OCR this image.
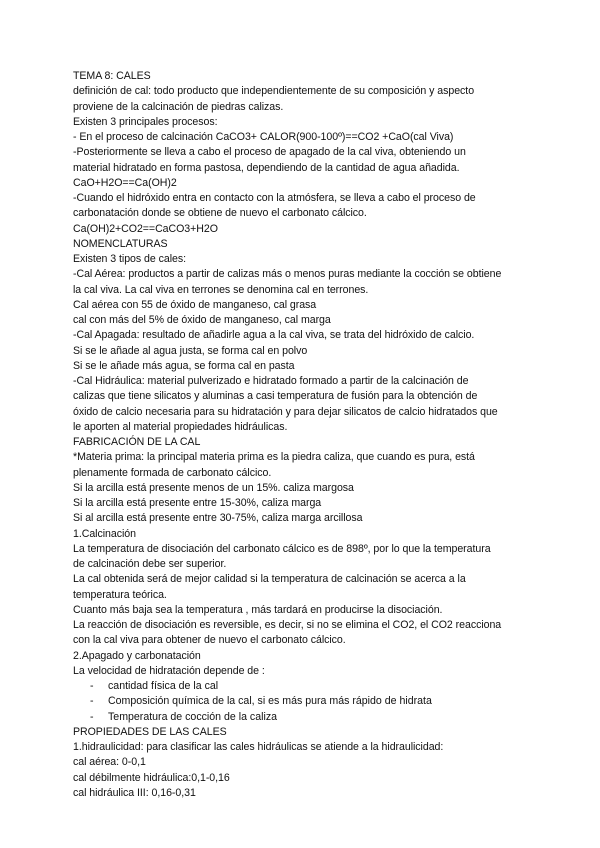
TEMA 8: CALES
definición de cal: todo producto que independientemente de su composición y aspecto
proviene de la calcinación de piedras calizas.
Existen 3 principales procesos:
- En el proceso de calcinación CaCO3+ CALOR(900-100º)==CO2 +CaO(cal Viva)
-Posteriormente se lleva a cabo el proceso de apagado de la cal viva, obteniendo un
material hidratado en forma pastosa, dependiendo de la cantidad de agua añadida.
CaO+H2O==Ca(OH)2
-Cuando el hidróxido entra en contacto con la atmósfera, se lleva a cabo el proceso de
carbonatación donde se obtiene de nuevo el carbonato cálcico.
Ca(OH)2+CO2==CaCO3+H2O
NOMENCLATURAS
Existen 3 tipos de cales:
-Cal Aérea: productos a partir de calizas más o menos puras mediante la cocción se obtiene
la cal viva. La cal viva en terrones se denomina cal en terrones.
Cal aérea con 55 de óxido de manganeso, cal grasa
cal con más del 5% de óxido de manganeso, cal marga
-Cal Apagada: resultado de añadirle agua a la cal viva, se trata del hidróxido de calcio.
Si se le añade al agua justa, se forma cal en polvo
Si se le añade más agua, se forma cal en pasta
-Cal Hidráulica: material pulverizado e hidratado formado a partir de la calcinación de
calizas que tiene silicatos y aluminas a casi temperatura de fusión para la obtención de
óxido de calcio necesaria para su hidratación y para dejar silicatos de calcio hidratados que
le aporten al material propiedades hidráulicas.
FABRICACIÓN DE LA CAL
*Materia prima: la principal materia prima es la piedra caliza, que cuando es pura, está
plenamente formada de carbonato cálcico.
Si la arcilla está presente menos de un 15%. caliza margosa
Si la arcilla está presente entre 15-30%, caliza marga
Si al arcilla está presente entre 30-75%, caliza marga arcillosa
1.Calcinación
La temperatura de disociación del carbonato cálcico es de 898º, por lo que la temperatura
de calcinación debe ser superior.
La cal obtenida será de mejor calidad si la temperatura de calcinación se acerca a la
temperatura teórica.
Cuanto más baja sea la temperatura , más tardará en producirse la disociación.
La reacción de disociación es reversible, es decir, si no se elimina el CO2, el CO2 reacciona
con la cal viva para obtener de nuevo el carbonato cálcico.
2.Apagado y carbonatación
La velocidad de hidratación depende de :
- cantidad física de la cal
- Composición química de la cal, si es más pura más rápido de hidrata
- Temperatura de cocción de la caliza
PROPIEDADES DE LAS CALES
1.hidraulicidad: para clasificar las cales hidráulicas se atiende a la hidraulicidad:
cal aérea: 0-0,1
cal débilmente hidráulica:0,1-0,16
cal hidráulica III: 0,16-0,31
